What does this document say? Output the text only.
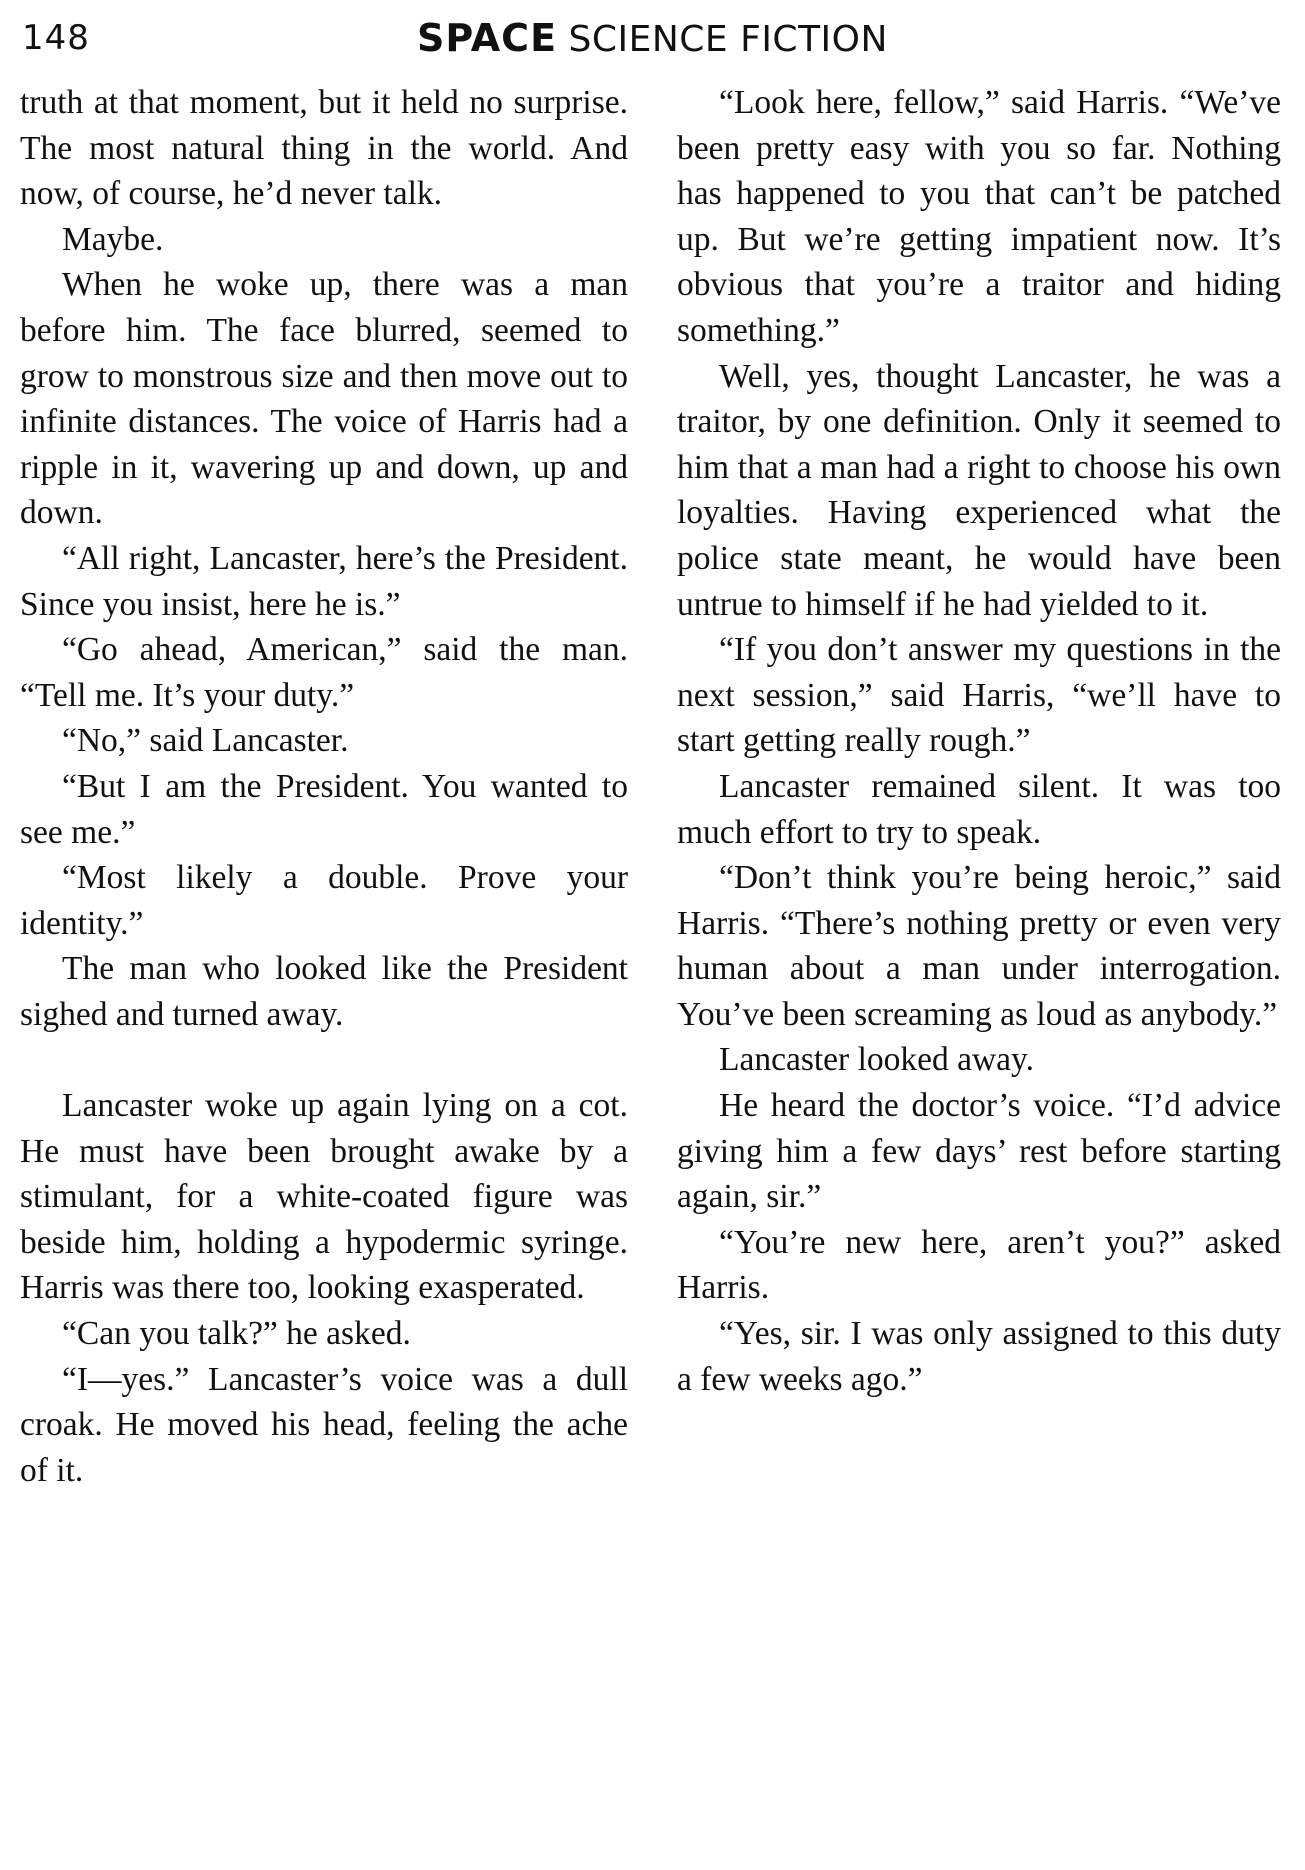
148	SPACE SCIENCE FICTION

truth at that moment, but it held no surprise. The most natural thing in the world. And now, of course, he’d never talk.

Maybe.

When he woke up, there was a man before him. The face blurred, seemed to grow to monstrous size and then move out to infinite distances. The voice of Harris had a ripple in it, wavering up and down, up and down.

“All right, Lancaster, here’s the President. Since you insist, here he is.”

“Go ahead, American,” said the man. “Tell me. It’s your duty.”

“No,” said Lancaster.

“But I am the President. You wanted to see me.”

“Most likely a double. Prove your identity.”

The man who looked like the President sighed and turned away.

Lancaster woke up again lying on a cot. He must have been brought awake by a stimulant, for a white-coated figure was beside him, holding a hypodermic syringe. Harris was there too, looking exasperated.

“Can you talk?” he asked.

“I—yes.” Lancaster’s voice was a dull croak. He moved his head, feeling the ache of it.

“Look here, fellow,” said Harris. “We’ve been pretty easy with you so far. Nothing has happened to you that can’t be patched up. But we’re getting impatient now. It’s obvious that you’re a traitor and hiding something.”

Well, yes, thought Lancaster, he was a traitor, by one definition. Only it seemed to him that a man had a right to choose his own loyalties. Having experienced what the police state meant, he would have been untrue to himself if he had yielded to it.

“If you don’t answer my questions in the next session,” said Harris, “we’ll have to start getting really rough.”

Lancaster remained silent. It was too much effort to try to speak.

“Don’t think you’re being heroic,” said Harris. “There’s nothing pretty or even very human about a man under interrogation. You’ve been screaming as loud as anybody.”

Lancaster looked away.

He heard the doctor’s voice. “I’d advice giving him a few days’ rest before starting again, sir.”

“You’re new here, aren’t you?” asked Harris.

“Yes, sir. I was only assigned to this duty a few weeks ago.”
